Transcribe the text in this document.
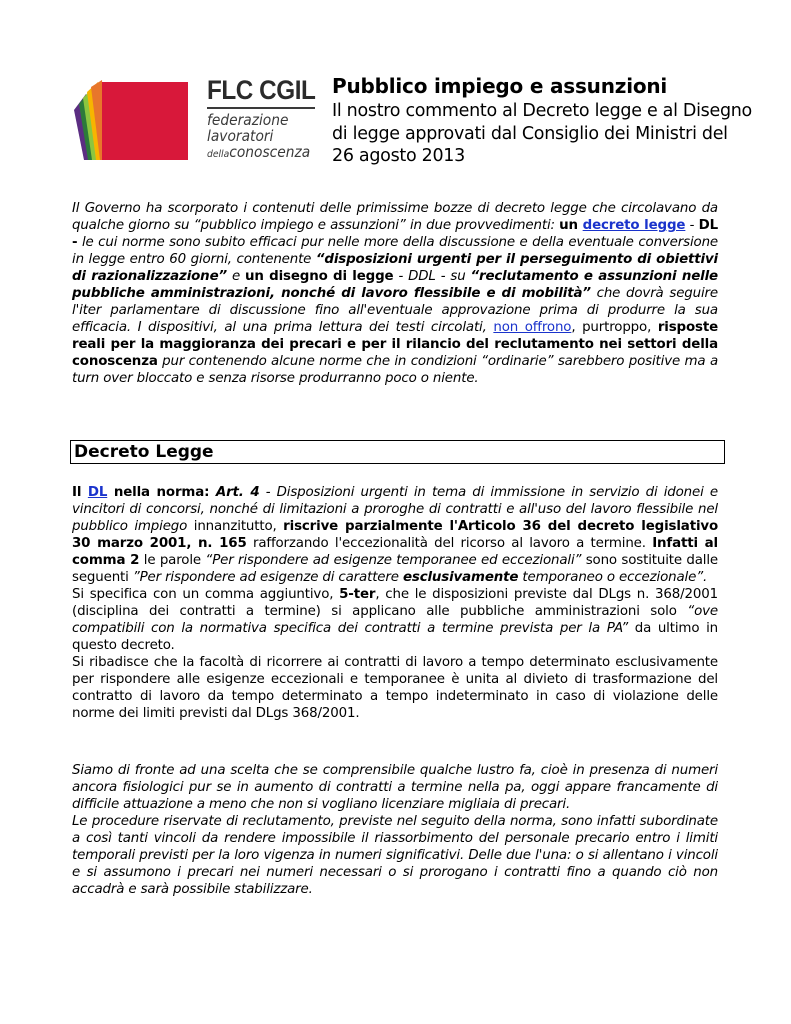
FLC CGIL
federazione
lavoratori
dellaconoscenza
Pubblico impiego e assunzioni

Il nostro commento al Decreto legge e al Disegno di legge approvati dal Consiglio dei Ministri del 26 agosto 2013

Il Governo ha scorporato i contenuti delle primissime bozze di decreto legge che circolavano da qualche giorno su “pubblico impiego e assunzioni” in due provvedimenti: un decreto legge - DL - le cui norme sono subito efficaci pur nelle more della discussione e della eventuale conversione in legge entro 60 giorni, contenente “disposizioni urgenti per il perseguimento di obiettivi di razionalizzazione” e un disegno di legge - DDL - su “reclutamento e assunzioni nelle pubbliche amministrazioni, nonché di lavoro flessibile e di mobilità” che dovrà seguire l'iter parlamentare di discussione fino all'eventuale approvazione prima di produrre la sua efficacia. I dispositivi, al una prima lettura dei testi circolati, non offrono, purtroppo, risposte reali per la maggioranza dei precari e per il rilancio del reclutamento nei settori della conoscenza pur contenendo alcune norme che in condizioni “ordinarie” sarebbero positive ma a turn over bloccato e senza risorse produrranno poco o niente.

Decreto Legge

Il DL nella norma: Art. 4 - Disposizioni urgenti in tema di immissione in servizio di idonei e vincitori di concorsi, nonché di limitazioni a proroghe di contratti e all'uso del lavoro flessibile nel pubblico impiego innanzitutto, riscrive parzialmente l'Articolo 36 del decreto legislativo 30 marzo 2001, n. 165 rafforzando l'eccezionalità del ricorso al lavoro a termine. Infatti al comma 2 le parole “Per rispondere ad esigenze temporanee ed eccezionali” sono sostituite dalle seguenti ”Per rispondere ad esigenze di carattere esclusivamente temporaneo o eccezionale”.

Si specifica con un comma aggiuntivo, 5-ter, che le disposizioni previste dal DLgs n. 368/2001 (disciplina dei contratti a termine) si applicano alle pubbliche amministrazioni solo “ove compatibili con la normativa specifica dei contratti a termine prevista per la PA” da ultimo in questo decreto.

Si ribadisce che la facoltà di ricorrere ai contratti di lavoro a tempo determinato esclusivamente per rispondere alle esigenze eccezionali e temporanee è unita al divieto di trasformazione del contratto di lavoro da tempo determinato a tempo indeterminato in caso di violazione delle norme dei limiti previsti dal DLgs 368/2001.

Siamo di fronte ad una scelta che se comprensibile qualche lustro fa, cioè in presenza di numeri ancora fisiologici pur se in aumento di contratti a termine nella pa, oggi appare francamente di difficile attuazione a meno che non si vogliano licenziare migliaia di precari.

Le procedure riservate di reclutamento, previste nel seguito della norma, sono infatti subordinate a così tanti vincoli da rendere impossibile il riassorbimento del personale precario entro i limiti temporali previsti per la loro vigenza in numeri significativi. Delle due l'una: o si allentano i vincoli e si assumono i precari nei numeri necessari o si prorogano i contratti fino a quando ciò non accadrà e sarà possibile stabilizzare.
